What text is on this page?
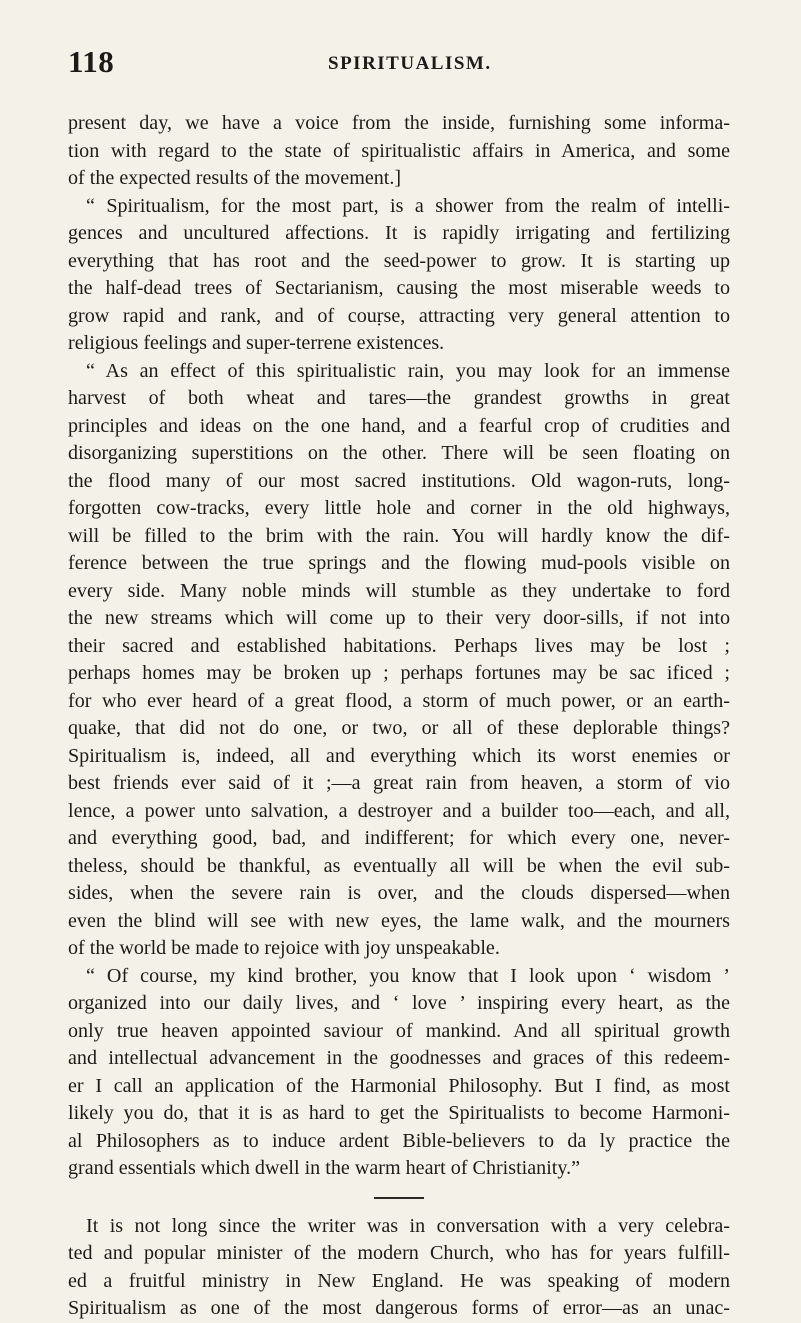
118	SPIRITUALISM.
present day, we have a voice from the inside, furnishing some informa-
tion with regard to the state of spiritualistic affairs in America, and some
of the expected results of the movement.]
“ Spiritualism, for the most part, is a shower from the realm of intelli-
gences and uncultured affections. It is rapidly irrigating and fertilizing
everything that has root and the seed-power to grow. It is starting up
the half-dead trees of Sectarianism, causing the most miserable weeds to
grow rapid and rank, and of couṛse, attracting very general attention to
religious feelings and super-terrene existences.
“ As an effect of this spiritualistic rain, you may look for an immense
harvest of both wheat and tares—the grandest growths in great
principles and ideas on the one hand, and a fearful crop of crudities and
disorganizing superstitions on the other. There will be seen floating on
the flood many of our most sacred institutions. Old wagon-ruts, long-
forgotten cow-tracks, every little hole and corner in the old highways,
will be filled to the brim with the rain. You will hardly know the dif-
ference between the true springs and the flowing mud-pools visible on
every side. Many noble minds will stumble as they undertake to ford
the new streams which will come up to their very door-sills, if not into
their sacred and established habitations. Perhaps lives may be lost ;
perhaps homes may be broken up ; perhaps fortunes may be sac ificed ;
for who ever heard of a great flood, a storm of much power, or an earth-
quake, that did not do one, or two, or all of these deplorable things?
Spiritualism is, indeed, all and everything which its worst enemies or
best friends ever said of it ;—a great rain from heaven, a storm of vio
lence, a power unto salvation, a destroyer and a builder too—each, and all,
and everything good, bad, and indifferent; for which every one, never-
theless, should be thankful, as eventually all will be when the evil sub-
sides, when the severe rain is over, and the clouds dispersed—when
even the blind will see with new eyes, the lame walk, and the mourners
of the world be made to rejoice with joy unspeakable.
“ Of course, my kind brother, you know that I look upon ‘ wisdom ’
organized into our daily lives, and ‘ love ’ inspiring every heart, as the
only true heaven appointed saviour of mankind. And all spiritual growth
and intellectual advancement in the goodnesses and graces of this redeem-
er I call an application of the Harmonial Philosophy. But I find, as most
likely you do, that it is as hard to get the Spiritualists to become Harmoni-
al Philosophers as to induce ardent Bible-believers to da ly practice the
grand essentials which dwell in the warm heart of Christianity.”
It is not long since the writer was in conversation with a very celebra-
ted and popular minister of the modern Church, who has for years fulfill-
ed a fruitful ministry in New England. He was speaking of modern
Spiritualism as one of the most dangerous forms of error—as an unac-
